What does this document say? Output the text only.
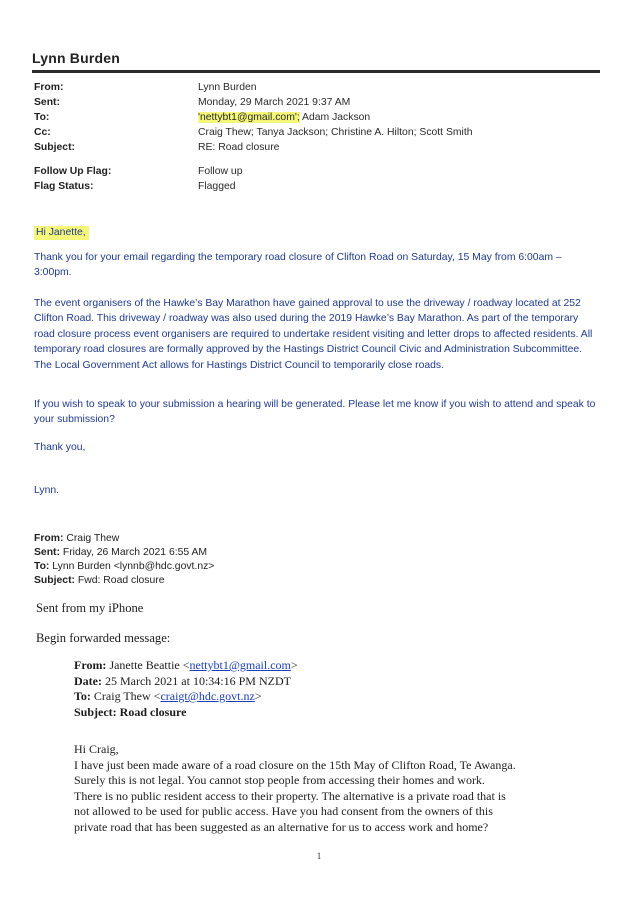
Lynn Burden
From:	Lynn Burden
Sent:	Monday, 29 March 2021 9:37 AM
To:	'nettybt1@gmail.com'; Adam Jackson
Cc:	Craig Thew; Tanya Jackson; Christine A. Hilton; Scott Smith
Subject:	RE: Road closure
Follow Up Flag:	Follow up
Flag Status:	Flagged
Hi Janette,
Thank you for your email regarding the temporary road closure of Clifton Road on Saturday, 15 May from 6:00am – 3:00pm.
The event organisers of the Hawke’s Bay Marathon have gained approval to use the driveway / roadway located at 252 Clifton Road. This driveway / roadway was also used during the 2019 Hawke’s Bay Marathon. As part of the temporary road closure process event organisers are required to undertake resident visiting and letter drops to affected residents. All temporary road closures are formally approved by the Hastings District Council Civic and Administration Subcommittee. The Local Government Act allows for Hastings District Council to temporarily close roads.
If you wish to speak to your submission a hearing will be generated. Please let me know if you wish to attend and speak to your submission?
Thank you,
Lynn.
From: Craig Thew
Sent: Friday, 26 March 2021 6:55 AM
To: Lynn Burden <lynnb@hdc.govt.nz>
Subject: Fwd: Road closure
Sent from my iPhone
Begin forwarded message:
From: Janette Beattie <nettybt1@gmail.com>
Date: 25 March 2021 at 10:34:16 PM NZDT
To: Craig Thew <craigt@hdc.govt.nz>
Subject: Road closure
Hi Craig,
I have just been made aware of a road closure on the 15th May of Clifton Road, Te Awanga.
Surely this is not legal. You cannot stop people from accessing their homes and work.
There is no public resident access to their property. The alternative is a private road that is
not allowed to be used for public access. Have you had consent from the owners of this
private road that has been suggested as an alternative for us to access work and home?
1
